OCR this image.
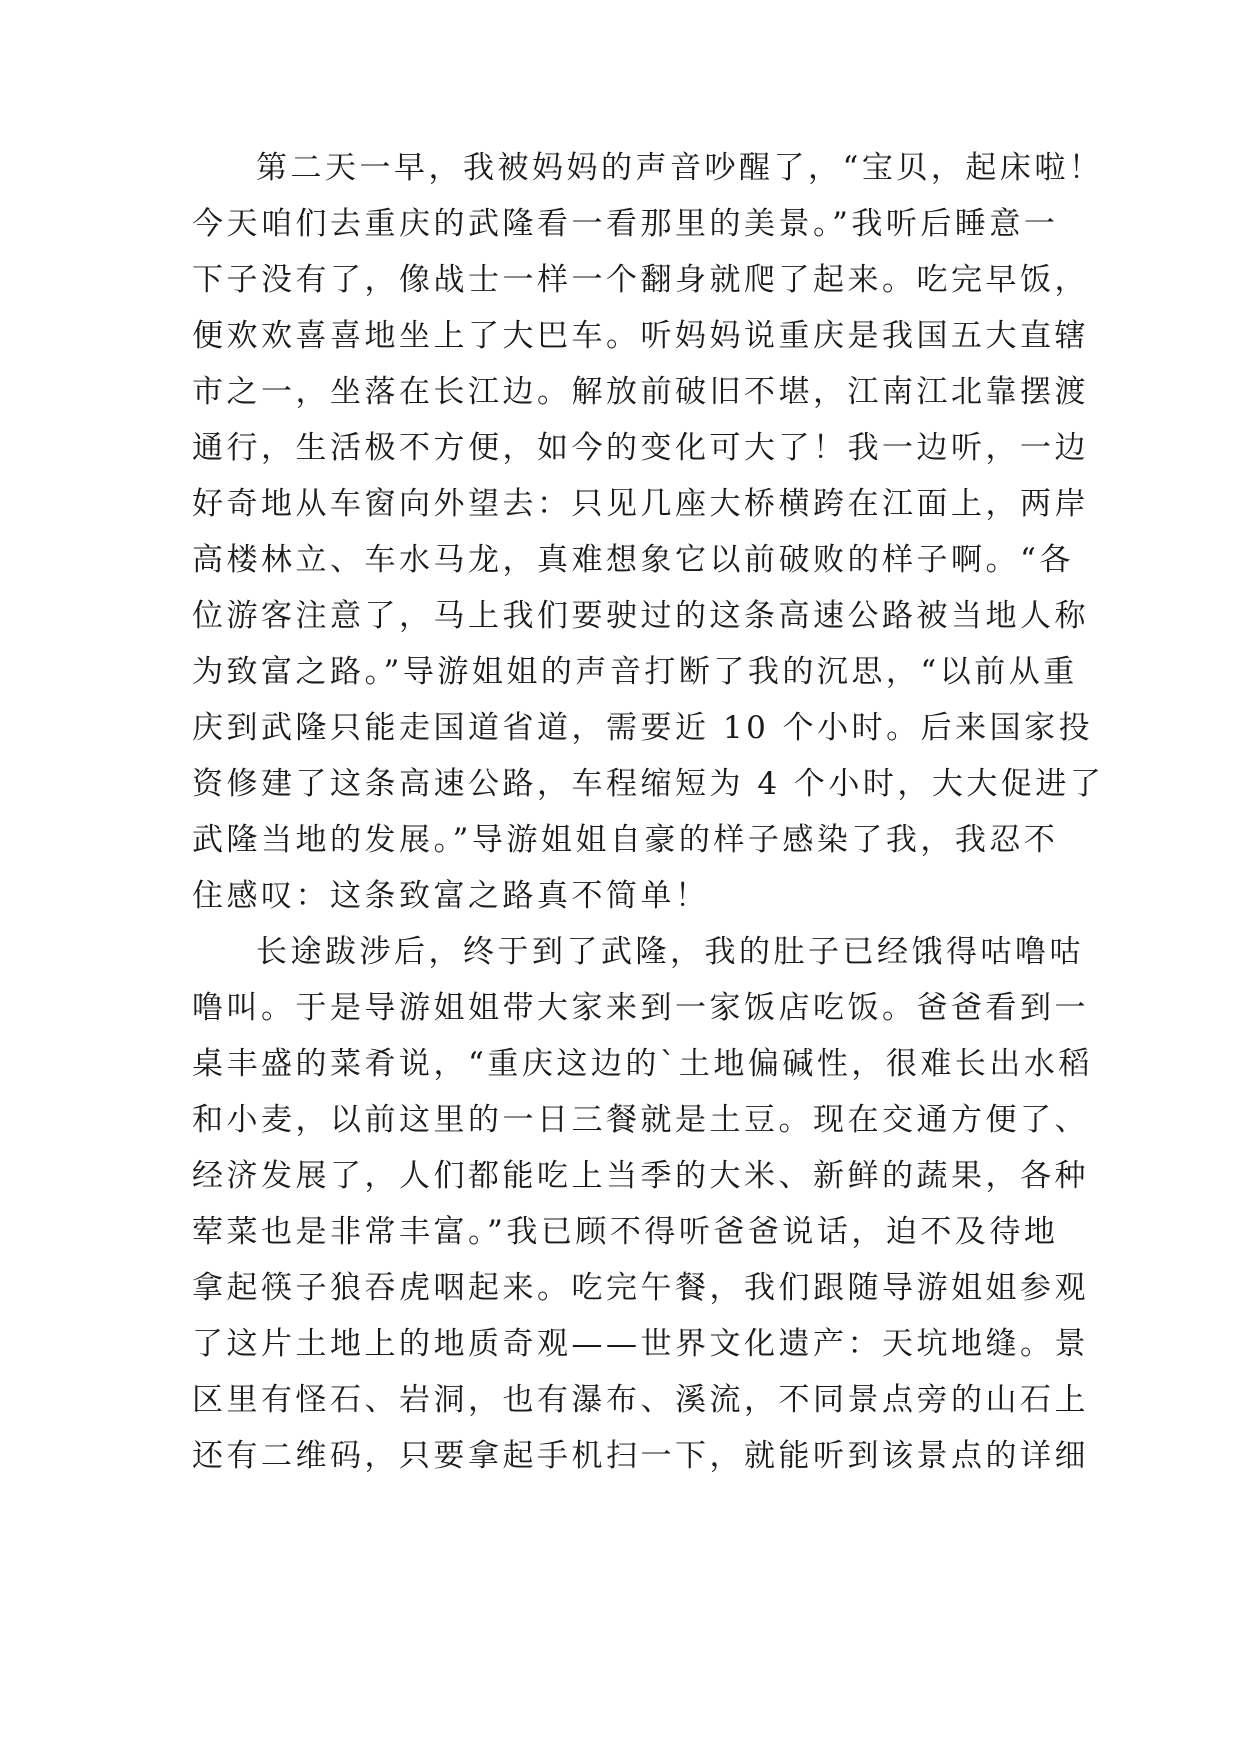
第二天一早，我被妈妈的声音吵醒了，“宝贝，起床啦！
今天咱们去重庆的武隆看一看那里的美景。”我听后睡意一
下子没有了，像战士一样一个翻身就爬了起来。吃完早饭，
便欢欢喜喜地坐上了大巴车。听妈妈说重庆是我国五大直辖
市之一，坐落在长江边。解放前破旧不堪，江南江北靠摆渡
通行，生活极不方便，如今的变化可大了！我一边听，一边
好奇地从车窗向外望去：只见几座大桥横跨在江面上，两岸
高楼林立、车水马龙，真难想象它以前破败的样子啊。“各
位游客注意了，马上我们要驶过的这条高速公路被当地人称
为致富之路。”导游姐姐的声音打断了我的沉思，“以前从重
庆到武隆只能走国道省道，需要近 10 个小时。后来国家投
资修建了这条高速公路，车程缩短为 4 个小时，大大促进了
武隆当地的发展。”导游姐姐自豪的样子感染了我，我忍不
住感叹：这条致富之路真不简单！
长途跋涉后，终于到了武隆，我的肚子已经饿得咕噜咕
噜叫。于是导游姐姐带大家来到一家饭店吃饭。爸爸看到一
桌丰盛的菜肴说，“重庆这边的`土地偏碱性，很难长出水稻
和小麦，以前这里的一日三餐就是土豆。现在交通方便了、
经济发展了，人们都能吃上当季的大米、新鲜的蔬果，各种
荤菜也是非常丰富。”我已顾不得听爸爸说话，迫不及待地
拿起筷子狼吞虎咽起来。吃完午餐，我们跟随导游姐姐参观
了这片土地上的地质奇观——世界文化遗产：天坑地缝。景
区里有怪石、岩洞，也有瀑布、溪流，不同景点旁的山石上
还有二维码，只要拿起手机扫一下，就能听到该景点的详细
